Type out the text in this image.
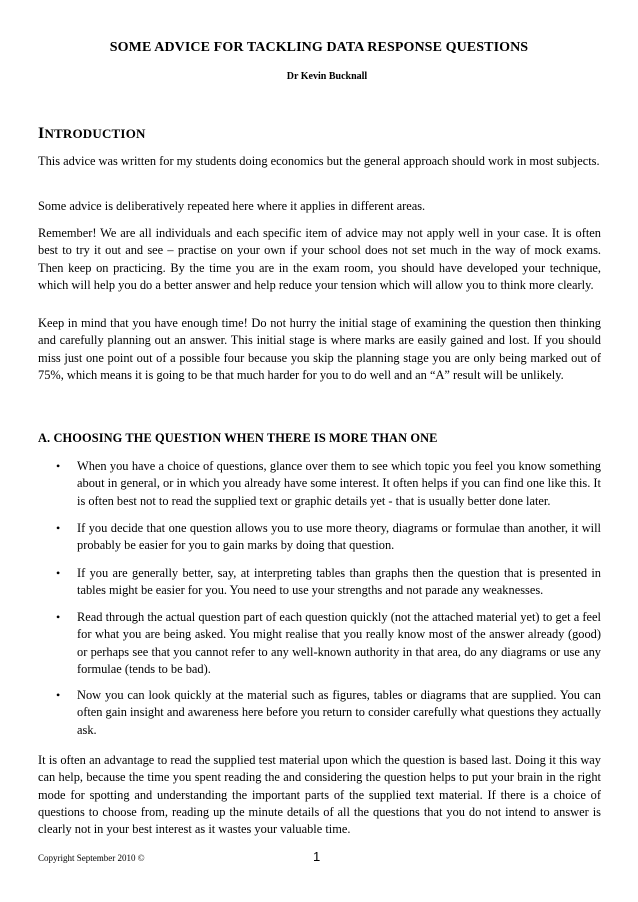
SOME ADVICE FOR TACKLING DATA RESPONSE QUESTIONS
Dr Kevin Bucknall
INTRODUCTION

This advice was written for my students doing economics but the general approach should work in most subjects.

Some advice is deliberatively repeated here where it applies in different areas.

Remember! We are all individuals and each specific item of advice may not apply well in your case. It is often best to try it out and see – practise on your own if your school does not set much in the way of mock exams. Then keep on practicing. By the time you are in the exam room, you should have developed your technique, which will help you do a better answer and help reduce your tension which will allow you to think more clearly.

Keep in mind that you have enough time! Do not hurry the initial stage of examining the question then thinking and carefully planning out an answer. This initial stage is where marks are easily gained and lost. If you should miss just one point out of a possible four because you skip the planning stage you are only being marked out of 75%, which means it is going to be that much harder for you to do well and an “A” result will be unlikely.

A. CHOOSING THE QUESTION WHEN THERE IS MORE THAN ONE
• When you have a choice of questions, glance over them to see which topic you feel you know something about in general, or in which you already have some interest. It often helps if you can find one like this. It is often best not to read the supplied text or graphic details yet - that is usually better done later.
• If you decide that one question allows you to use more theory, diagrams or formulae than another, it will probably be easier for you to gain marks by doing that question.
• If you are generally better, say, at interpreting tables than graphs then the question that is presented in tables might be easier for you. You need to use your strengths and not parade any weaknesses.
• Read through the actual question part of each question quickly (not the attached material yet) to get a feel for what you are being asked. You might realise that you really know most of the answer already (good) or perhaps see that you cannot refer to any well-known authority in that area, do any diagrams or use any formulae (tends to be bad).
• Now you can look quickly at the material such as figures, tables or diagrams that are supplied. You can often gain insight and awareness here before you return to consider carefully what questions they actually ask.

It is often an advantage to read the supplied test material upon which the question is based last. Doing it this way can help, because the time you spent reading the and considering the question helps to put your brain in the right mode for spotting and understanding the important parts of the supplied text material. If there is a choice of questions to choose from, reading up the minute details of all the questions that you do not intend to answer is clearly not in your best interest as it wastes your valuable time.

Copyright September 2010 ©	1
